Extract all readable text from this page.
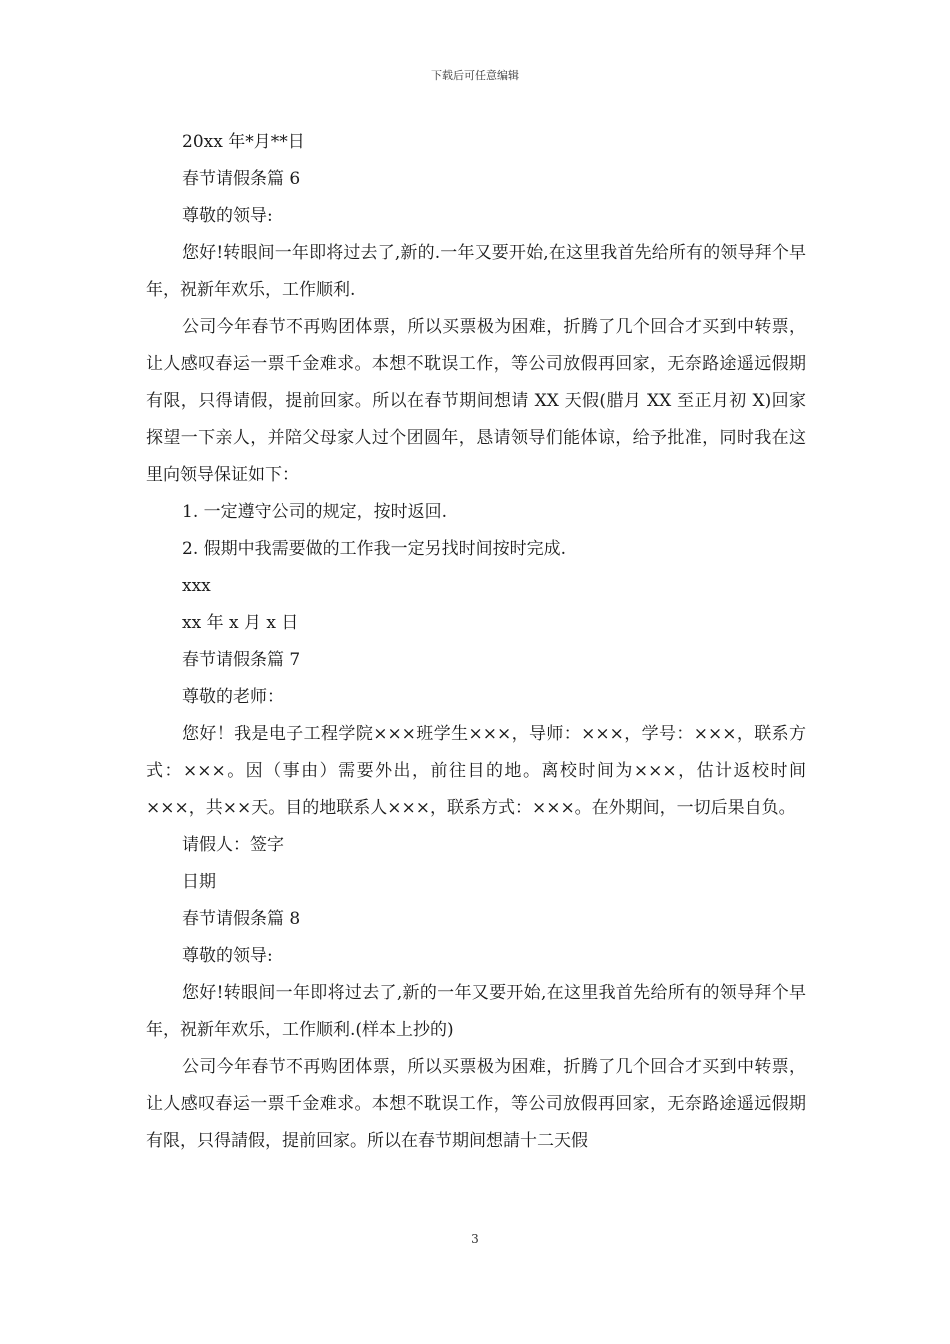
下载后可任意编辑
20xx 年*月**日
春节请假条篇 6
尊敬的领导:

您好!转眼间一年即将过去了,新的.一年又要开始,在这里我首先给所有的领导拜个早年，祝新年欢乐，工作顺利.

公司今年春节不再购团体票，所以买票极为困难，折腾了几个回合才买到中转票，让人感叹春运一票千金难求。本想不耽误工作，等公司放假再回家，无奈路途遥远假期有限，只得请假，提前回家。所以在春节期间想请 XX 天假(腊月 XX 至正月初 X)回家探望一下亲人，并陪父母家人过个团圆年，恳请领导们能体谅，给予批准，同时我在这里向领导保证如下：

1. 一定遵守公司的规定，按时返回.
2. 假期中我需要做的工作我一定另找时间按时完成.
xxx
xx 年 x 月 x 日
春节请假条篇 7
尊敬的老师：

您好！我是电子工程学院×××班学生×××，导师：×××，学号：×××，联系方式：×××。因（事由）需要外出，前往目的地。离校时间为×××，估计返校时间×××，共××天。目的地联系人×××，联系方式：×××。在外期间，一切后果自负。

请假人：签字
日期
春节请假条篇 8
尊敬的领导:

您好!转眼间一年即将过去了,新的一年又要开始,在这里我首先给所有的领导拜个早年，祝新年欢乐，工作顺利.(样本上抄的)

公司今年春节不再购团体票，所以买票极为困难，折腾了几个回合才买到中转票，让人感叹春运一票千金难求。本想不耽误工作，等公司放假再回家，无奈路途遥远假期有限，只得請假，提前回家。所以在春节期间想請十二天假

3
